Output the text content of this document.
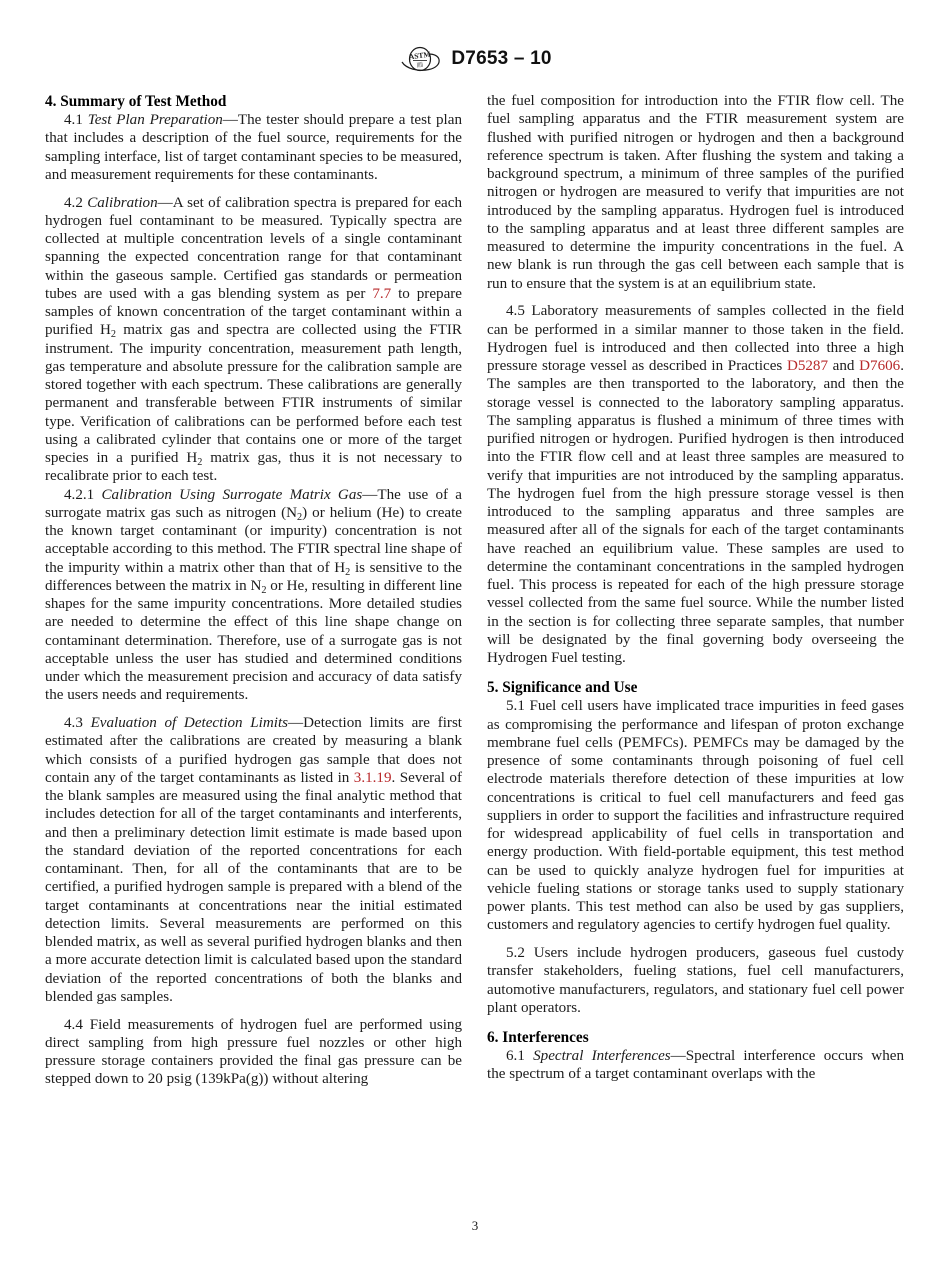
ASTM
||||| D7653 – 10
4. Summary of Test Method

4.1 Test Plan Preparation—The tester should prepare a test plan that includes a description of the fuel source, requirements for the sampling interface, list of target contaminant species to be measured, and measurement requirements for these contaminants.

4.2 Calibration—A set of calibration spectra is prepared for each hydrogen fuel contaminant to be measured. Typically spectra are collected at multiple concentration levels of a single contaminant spanning the expected concentration range for that contaminant within the gaseous sample. Certified gas standards or permeation tubes are used with a gas blending system as per 7.7 to prepare samples of known concentration of the target contaminant within a purified $H_2$ matrix gas and spectra are collected using the FTIR instrument. The impurity concentration, measurement path length, gas temperature and absolute pressure for the calibration sample are stored together with each spectrum. These calibrations are generally permanent and transferable between FTIR instruments of similar type. Verification of calibrations can be performed before each test using a calibrated cylinder that contains one or more of the target species in a purified $H_2$ matrix gas, thus it is not necessary to recalibrate prior to each test.

4.2.1 Calibration Using Surrogate Matrix Gas—The use of a surrogate matrix gas such as nitrogen $(N_2)$ or helium (He) to create the known target contaminant (or impurity) concentration is not acceptable according to this method. The FTIR spectral line shape of the impurity within a matrix other than that of $H_2$ is sensitive to the differences between the matrix in $N_2$ or He, resulting in different line shapes for the same impurity concentrations. More detailed studies are needed to determine the effect of this line shape change on contaminant determination. Therefore, use of a surrogate gas is not acceptable unless the user has studied and determined conditions under which the measurement precision and accuracy of data satisfy the users needs and requirements.

4.3 Evaluation of Detection Limits—Detection limits are first estimated after the calibrations are created by measuring a blank which consists of a purified hydrogen gas sample that does not contain any of the target contaminants as listed in 3.1.19. Several of the blank samples are measured using the final analytic method that includes detection for all of the target contaminants and interferents, and then a preliminary detection limit estimate is made based upon the standard deviation of the reported concentrations for each contaminant. Then, for all of the contaminants that are to be certified, a purified hydrogen sample is prepared with a blend of the target contaminants at concentrations near the initial estimated detection limits. Several measurements are performed on this blended matrix, as well as several purified hydrogen blanks and then a more accurate detection limit is calculated based upon the standard deviation of the reported concentrations of both the blanks and blended gas samples.

4.4 Field measurements of hydrogen fuel are performed using direct sampling from high pressure fuel nozzles or other high pressure storage containers provided the final gas pressure can be stepped down to 20 psig (139kPa(g)) without altering

the fuel composition for introduction into the FTIR flow cell. The fuel sampling apparatus and the FTIR measurement system are flushed with purified nitrogen or hydrogen and then a background reference spectrum is taken. After flushing the system and taking a background spectrum, a minimum of three samples of the purified nitrogen or hydrogen are measured to verify that impurities are not introduced by the sampling apparatus. Hydrogen fuel is introduced to the sampling apparatus and at least three different samples are measured to determine the impurity concentrations in the fuel. A new blank is run through the gas cell between each sample that is run to ensure that the system is at an equilibrium state.

4.5 Laboratory measurements of samples collected in the field can be performed in a similar manner to those taken in the field. Hydrogen fuel is introduced and then collected into three a high pressure storage vessel as described in Practices D5287 and D7606. The samples are then transported to the laboratory, and then the storage vessel is connected to the laboratory sampling apparatus. The sampling apparatus is flushed a minimum of three times with purified nitrogen or hydrogen. Purified hydrogen is then introduced into the FTIR flow cell and at least three samples are measured to verify that impurities are not introduced by the sampling apparatus. The hydrogen fuel from the high pressure storage vessel is then introduced to the sampling apparatus and three samples are measured after all of the signals for each of the target contaminants have reached an equilibrium value. These samples are used to determine the contaminant concentrations in the sampled hydrogen fuel. This process is repeated for each of the high pressure storage vessel collected from the same fuel source. While the number listed in the section is for collecting three separate samples, that number will be designated by the final governing body overseeing the Hydrogen Fuel testing.

5. Significance and Use

5.1 Fuel cell users have implicated trace impurities in feed gases as compromising the performance and lifespan of proton exchange membrane fuel cells (PEMFCs). PEMFCs may be damaged by the presence of some contaminants through poisoning of fuel cell electrode materials therefore detection of these impurities at low concentrations is critical to fuel cell manufacturers and feed gas suppliers in order to support the facilities and infrastructure required for widespread applicability of fuel cells in transportation and energy production. With field-portable equipment, this test method can be used to quickly analyze hydrogen fuel for impurities at vehicle fueling stations or storage tanks used to supply stationary power plants. This test method can also be used by gas suppliers, customers and regulatory agencies to certify hydrogen fuel quality.

5.2 Users include hydrogen producers, gaseous fuel custody transfer stakeholders, fueling stations, fuel cell manufacturers, automotive manufacturers, regulators, and stationary fuel cell power plant operators.

6. Interferences

6.1 Spectral Interferences—Spectral interference occurs when the spectrum of a target contaminant overlaps with the

3
